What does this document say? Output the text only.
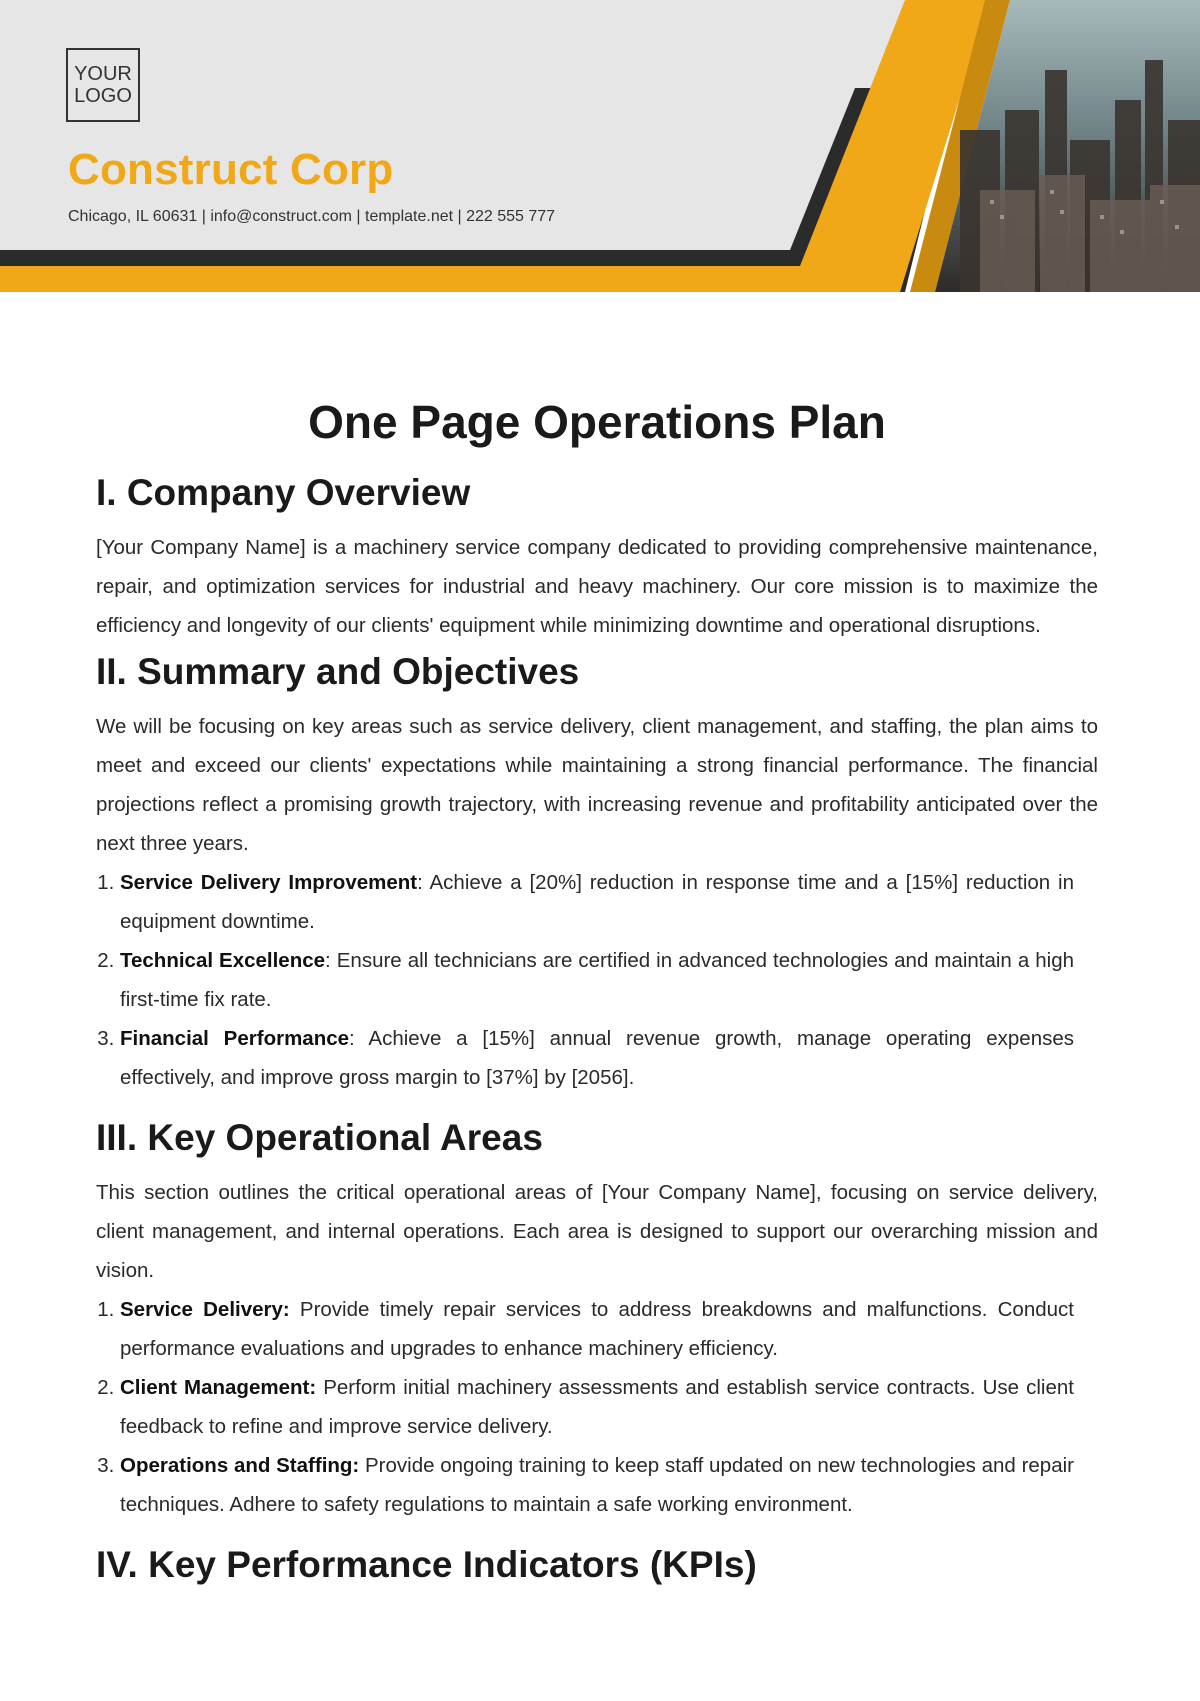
YOUR
LOGO
Construct Corp
Chicago, IL 60631 | info@construct.com | template.net | 222 555 777
One Page Operations Plan
I. Company Overview

[Your Company Name] is a machinery service company dedicated to providing comprehensive maintenance, repair, and optimization services for industrial and heavy machinery. Our core mission is to maximize the efficiency and longevity of our clients' equipment while minimizing downtime and operational disruptions.

II. Summary and Objectives

We will be focusing on key areas such as service delivery, client management, and staffing, the plan aims to meet and exceed our clients' expectations while maintaining a strong financial performance. The financial projections reflect a promising growth trajectory, with increasing revenue and profitability anticipated over the next three years.

1. Service Delivery Improvement: Achieve a [20%] reduction in response time and a [15%] reduction in equipment downtime.
2. Technical Excellence: Ensure all technicians are certified in advanced technologies and maintain a high first-time fix rate.
3. Financial Performance: Achieve a [15%] annual revenue growth, manage operating expenses effectively, and improve gross margin to [37%] by [2056].
III. Key Operational Areas

This section outlines the critical operational areas of [Your Company Name], focusing on service delivery, client management, and internal operations. Each area is designed to support our overarching mission and vision.

1. Service Delivery: Provide timely repair services to address breakdowns and malfunctions. Conduct performance evaluations and upgrades to enhance machinery efficiency.
2. Client Management: Perform initial machinery assessments and establish service contracts. Use client feedback to refine and improve service delivery.
3. Operations and Staffing: Provide ongoing training to keep staff updated on new technologies and repair techniques. Adhere to safety regulations to maintain a safe working environment.
IV. Key Performance Indicators (KPIs)
